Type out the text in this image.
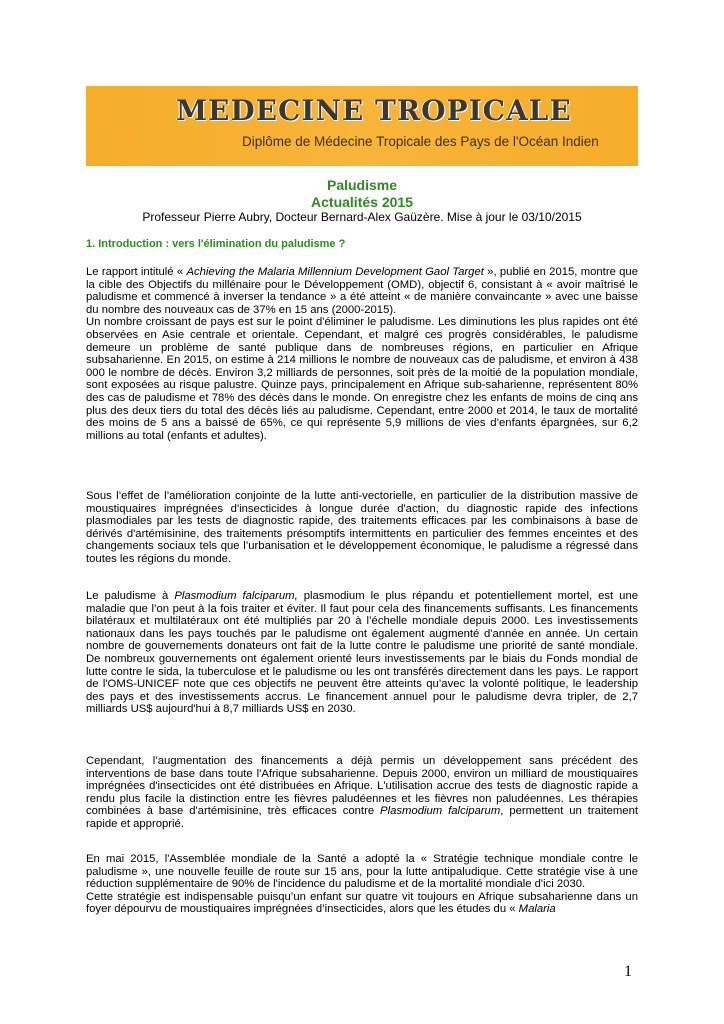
MEDECINE TROPICALE
Diplôme de Médecine Tropicale des Pays de l'Océan Indien
Paludisme
Actualités 2015
Professeur Pierre Aubry, Docteur Bernard-Alex Gaüzère. Mise à jour le 03/10/2015
1. Introduction : vers l'élimination du paludisme ?

Le rapport intitulé « Achieving the Malaria Millennium Development Gaol Target », publié en 2015, montre que la cible des Objectifs du millénaire pour le Développement (OMD), objectif 6, consistant à « avoir maîtrisé le paludisme et commencé à inverser la tendance » a été atteint « de manière convaincante » avec une baisse du nombre des nouveaux cas de 37% en 15 ans (2000-2015).

Un nombre croissant de pays est sur le point d'éliminer le paludisme. Les diminutions les plus rapides ont été observées en Asie centrale et orientale. Cependant, et malgré ces progrès considérables, le paludisme demeure un problème de santé publique dans de nombreuses régions, en particulier en Afrique subsaharienne. En 2015, on estime à 214 millions le nombre de nouveaux cas de paludisme, et environ à 438 000 le nombre de décès. Environ 3,2 milliards de personnes, soit près de la moitié de la population mondiale, sont exposées au risque palustre. Quinze pays, principalement en Afrique sub-saharienne, représentent 80% des cas de paludisme et 78% des décès dans le monde. On enregistre chez les enfants de moins de cinq ans plus des deux tiers du total des décès liés au paludisme. Cependant, entre 2000 et 2014, le taux de mortalité des moins de 5 ans a baissé de 65%, ce qui représente 5,9 millions de vies d’enfants épargnées, sur 6,2 millions au total (enfants et adultes).

Sous l’effet de l’amélioration conjointe de la lutte anti-vectorielle, en particulier de la distribution massive de moustiquaires imprégnées d'insecticides à longue durée d'action, du diagnostic rapide des infections plasmodiales par les tests de diagnostic rapide, des traitements efficaces par les combinaisons à base de dérivés d'artémisinine, des traitements présomptifs intermittents en particulier des femmes enceintes et des changements sociaux tels que l’urbanisation et le développement économique, le paludisme a régressé dans toutes les régions du monde.

Le paludisme à Plasmodium falciparum, plasmodium le plus répandu et potentiellement mortel, est une maladie que l’on peut à la fois traiter et éviter. Il faut pour cela des financements suffisants. Les financements bilatéraux et multilatéraux ont été multipliés par 20 à l’échelle mondiale depuis 2000. Les investissements nationaux dans les pays touchés par le paludisme ont également augmenté d'année en année. Un certain nombre de gouvernements donateurs ont fait de la lutte contre le paludisme une priorité de santé mondiale. De nombreux gouvernements ont également orienté leurs investissements par le biais du Fonds mondial de lutte contre le sida, la tuberculose et le paludisme ou les ont transférés directement dans les pays. Le rapport de l'OMS-UNICEF note que ces objectifs ne peuvent être atteints qu’avec la volonté politique, le leadership des pays et des investissements accrus. Le financement annuel pour le paludisme devra tripler, de 2,7 milliards US$ aujourd'hui à 8,7 milliards US$ en 2030.

Cependant, l’augmentation des financements a déjà permis un développement sans précédent des interventions de base dans toute l'Afrique subsaharienne. Depuis 2000, environ un milliard de moustiquaires imprégnées d'insecticides ont été distribuées en Afrique. L'utilisation accrue des tests de diagnostic rapide a rendu plus facile la distinction entre les fièvres paludéennes et les fièvres non paludéennes. Les thérapies combinées à base d'artémisinine, très efficaces contre Plasmodium falciparum, permettent un traitement rapide et approprié.

En mai 2015, l'Assemblée mondiale de la Santé a adopté la « Stratégie technique mondiale contre le paludisme », une nouvelle feuille de route sur 15 ans, pour la lutte antipaludique. Cette stratégie vise à une réduction supplémentaire de 90% de l'incidence du paludisme et de la mortalité mondiale d'ici 2030.

Cette stratégie est indispensable puisqu’un enfant sur quatre vit toujours en Afrique subsaharienne dans un foyer dépourvu de moustiquaires imprégnées d’insecticides, alors que les études du « Malaria

1
